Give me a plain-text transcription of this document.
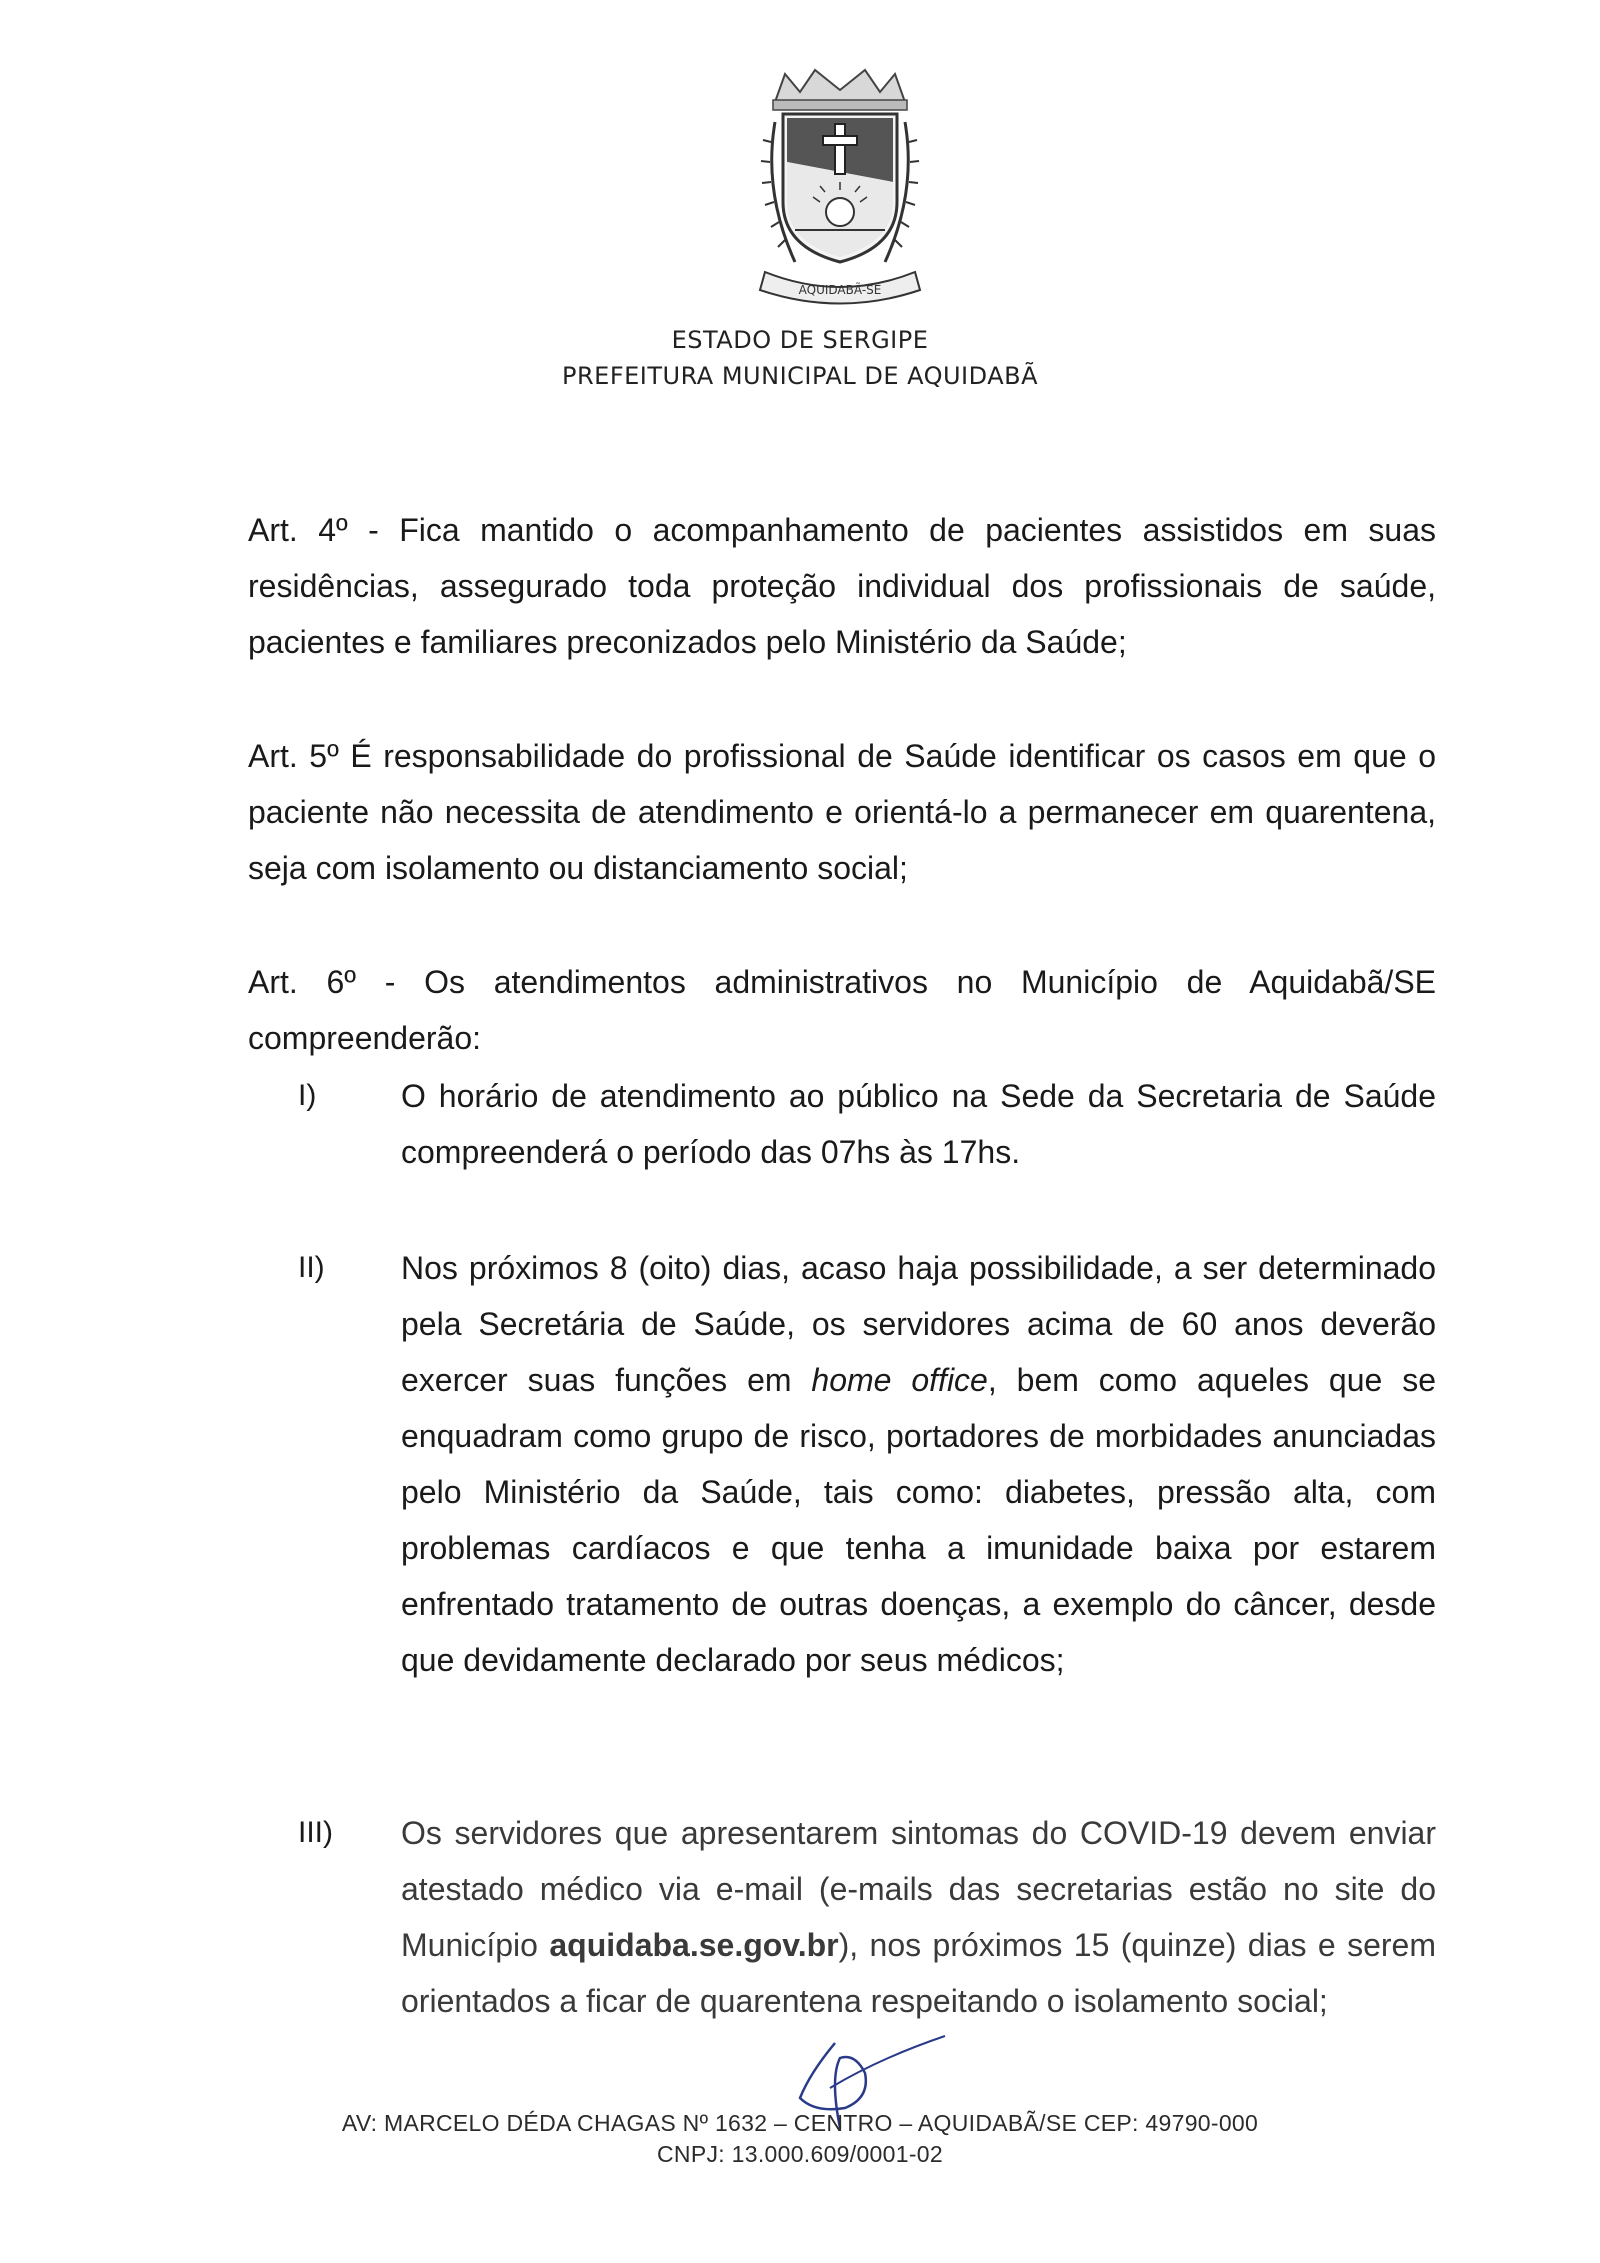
AQUIDABÃ-SE
ESTADO DE SERGIPE
PREFEITURA MUNICIPAL DE AQUIDABÃ

Art. 4º - Fica mantido o acompanhamento de pacientes assistidos em suas residências, assegurado toda proteção individual dos profissionais de saúde, pacientes e familiares preconizados pelo Ministério da Saúde;

Art. 5º É responsabilidade do profissional de Saúde identificar os casos em que o paciente não necessita de atendimento e orientá-lo a permanecer em quarentena, seja com isolamento ou distanciamento social;

Art. 6º - Os atendimentos administrativos no Município de Aquidabã/SE compreenderão:

I)	O horário de atendimento ao público na Sede da Secretaria de Saúde compreenderá o período das 07hs às 17hs.
II) Nos próximos 8 (oito) dias, acaso haja possibilidade, a ser determinado pela Secretária de Saúde, os servidores acima de 60 anos deverão exercer suas funções em home office, bem como aqueles que se enquadram como grupo de risco, portadores de morbidades anunciadas pelo Ministério da Saúde, tais como: diabetes, pressão alta, com problemas cardíacos e que tenha a imunidade baixa por estarem enfrentado tratamento de outras doenças, a exemplo do câncer, desde que devidamente declarado por seus médicos;
III) Os servidores que apresentarem sintomas do COVID-19 devem enviar atestado médico via e-mail (e-mails das secretarias estão no site do Município aquidaba.se.gov.br), nos próximos 15 (quinze) dias e serem orientados a ficar de quarentena respeitando o isolamento social;
AV: MARCELO DÉDA CHAGAS Nº 1632 – CENTRO – AQUIDABÃ/SE CEP: 49790-000
CNPJ: 13.000.609/0001-02
